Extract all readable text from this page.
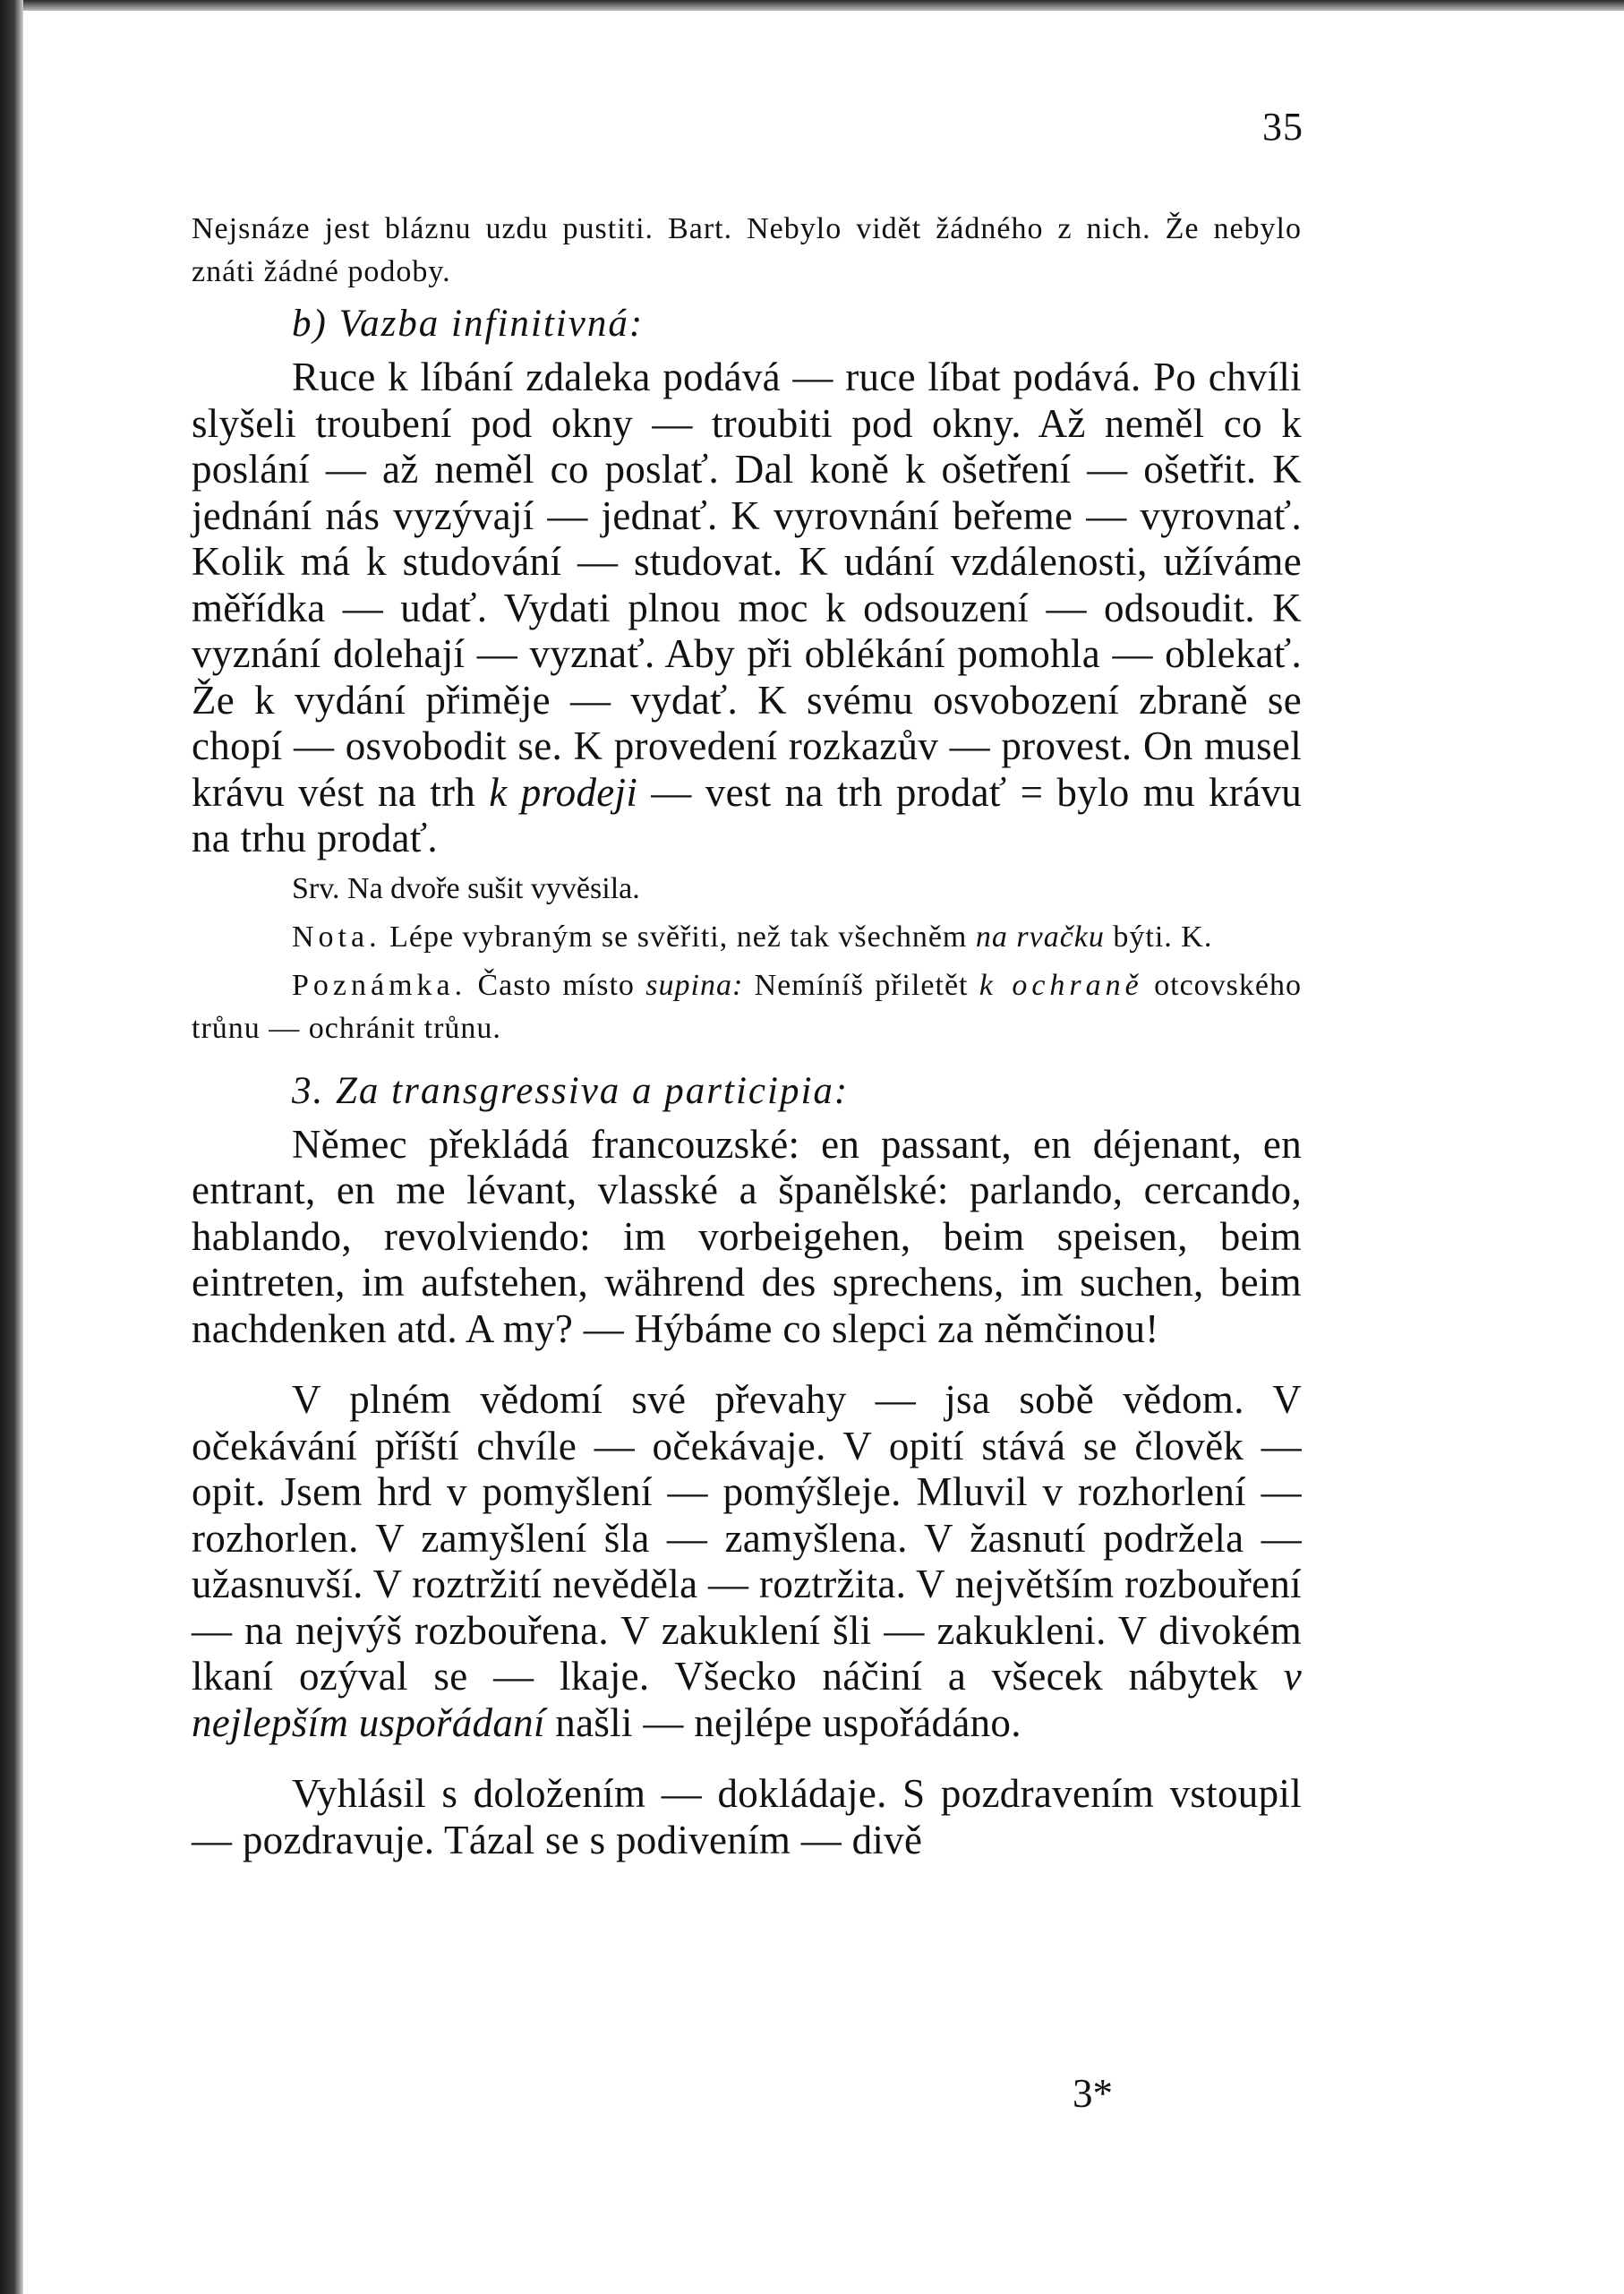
35

Nejsnáze jest bláznu uzdu pustiti. Bart. Nebylo vidět žádného z nich. Že nebylo znáti žádné podoby.

b) Vazba infinitivná:

Ruce k líbání zdaleka podává — ruce líbat podává. Po chvíli slyšeli troubení pod okny — troubiti pod okny. Až neměl co k poslání — až neměl co poslať. Dal koně k ošetření — ošetřit. K jednání nás vyzývají — jednať. K vyrovnání beřeme — vyrovnať. Kolik má k studování — studovat. K udání vzdálenosti, užíváme měřídka — udať. Vydati plnou moc k odsouzení — odsoudit. K vyznání dolehají — vyznať. Aby při oblékání pomohla — oblekať. Že k vydání přiměje — vydať. K svému osvobození zbraně se chopí — osvobodit se. K provedení rozkazův — provest. On musel krávu vést na trh k prodeji — vest na trh prodať = bylo mu krávu na trhu prodať.

Srv. Na dvoře sušit vyvěsila.

Nota. Lépe vybraným se svěřiti, než tak všechněm na rvačku býti. K.

Poznámka. Často místo supina: Nemíníš přiletět k ochraně otcovského trůnu — ochránit trůnu.

3. Za transgressiva a participia:

Němec překládá francouzské: en passant, en déjenant, en entrant, en me lévant, vlasské a španělské: parlando, cercando, hablando, revolviendo: im vorbeigehen, beim speisen, beim eintreten, im aufstehen, während des sprechens, im suchen, beim nachdenken atd. A my? — Hýbáme co slepci za němčinou!

V plném vědomí své převahy — jsa sobě vědom. V očekávání příští chvíle — očekávaje. V opití stává se člověk — opit. Jsem hrd v pomyšlení — pomýšleje. Mluvil v rozhorlení — rozhorlen. V zamyšlení šla — zamyšlena. V žasnutí podržela — užasnuvší. V roztržití nevěděla — roztržita. V největším rozbouření — na nejvýš rozbouřena. V zakuklení šli — zakukleni. V divokém lkaní ozýval se — lkaje. Všecko náčiní a všecek nábytek v nejlepším uspořádaní našli — nejlépe uspořádáno.

Vyhlásil s doložením — dokládaje. S pozdravením vstoupil — pozdravuje. Tázal se s podivením — divě

3*
